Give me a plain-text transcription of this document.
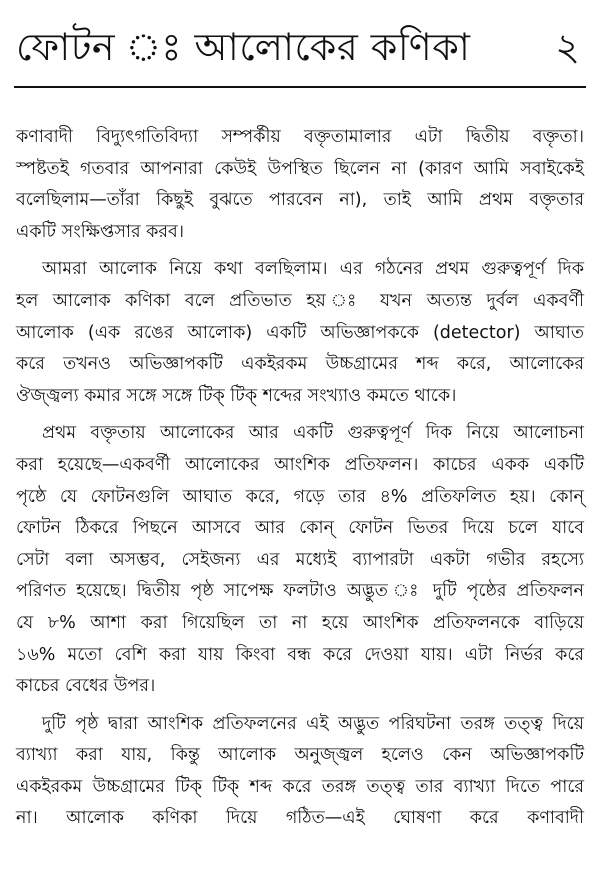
ফোটন ঃ আলোকের কণিকা ২
কণাবাদী বিদ্যুৎগতিবিদ্যা সম্পর্কীয় বক্তৃতামালার এটা দ্বিতীয় বক্তৃতা।
স্পষ্টতই গতবার আপনারা কেউই উপস্থিত ছিলেন না (কারণ আমি সবাইকেই
বলেছিলাম—তাঁরা কিছুই বুঝতে পারবেন না), তাই আমি প্রথম বক্তৃতার
একটি সংক্ষিপ্তসার করব।
আমরা আলোক নিয়ে কথা বলছিলাম। এর গঠনের প্রথম গুরুত্বপূর্ণ দিক
হল আলোক কণিকা বলে প্রতিভাত হয় ঃ যখন অত্যন্ত দুর্বল একবর্ণী
আলোক (এক রঙের আলোক) একটি অভিজ্ঞাপককে (detector) আঘাত
করে তখনও অভিজ্ঞাপকটি একইরকম উচ্চগ্রামের শব্দ করে, আলোকের
ঔজ্জ্বল্য কমার সঙ্গে সঙ্গে টিক্ টিক্ শব্দের সংখ্যাও কমতে থাকে।
প্রথম বক্তৃতায় আলোকের আর একটি গুরুত্বপূর্ণ দিক নিয়ে আলোচনা
করা হয়েছে—একবর্ণী আলোকের আংশিক প্রতিফলন। কাচের একক একটি
পৃষ্ঠে যে ফোটনগুলি আঘাত করে, গড়ে তার ৪% প্রতিফলিত হয়। কোন্
ফোটন ঠিকরে পিছনে আসবে আর কোন্ ফোটন ভিতর দিয়ে চলে যাবে
সেটা বলা অসম্ভব, সেইজন্য এর মধ্যেই ব্যাপারটা একটা গভীর রহস্যে
পরিণত হয়েছে। দ্বিতীয় পৃষ্ঠ সাপেক্ষ ফলটাও অদ্ভুত ঃ দুটি পৃষ্ঠের প্রতিফলন
যে ৮% আশা করা গিয়েছিল তা না হয়ে আংশিক প্রতিফলনকে বাড়িয়ে
১৬% মতো বেশি করা যায় কিংবা বন্ধ করে দেওয়া যায়। এটা নির্ভর করে
কাচের বেধের উপর।
দুটি পৃষ্ঠ দ্বারা আংশিক প্রতিফলনের এই অদ্ভুত পরিঘটনা তরঙ্গ তত্ত্ব দিয়ে
ব্যাখ্যা করা যায়, কিন্তু আলোক অনুজ্জ্বল হলেও কেন অভিজ্ঞাপকটি
একইরকম উচ্চগ্রামের টিক্ টিক্ শব্দ করে তরঙ্গ তত্ত্ব তার ব্যাখ্যা দিতে পারে
না। আলোক কণিকা দিয়ে গঠিত—এই ঘোষণা করে কণাবাদী
